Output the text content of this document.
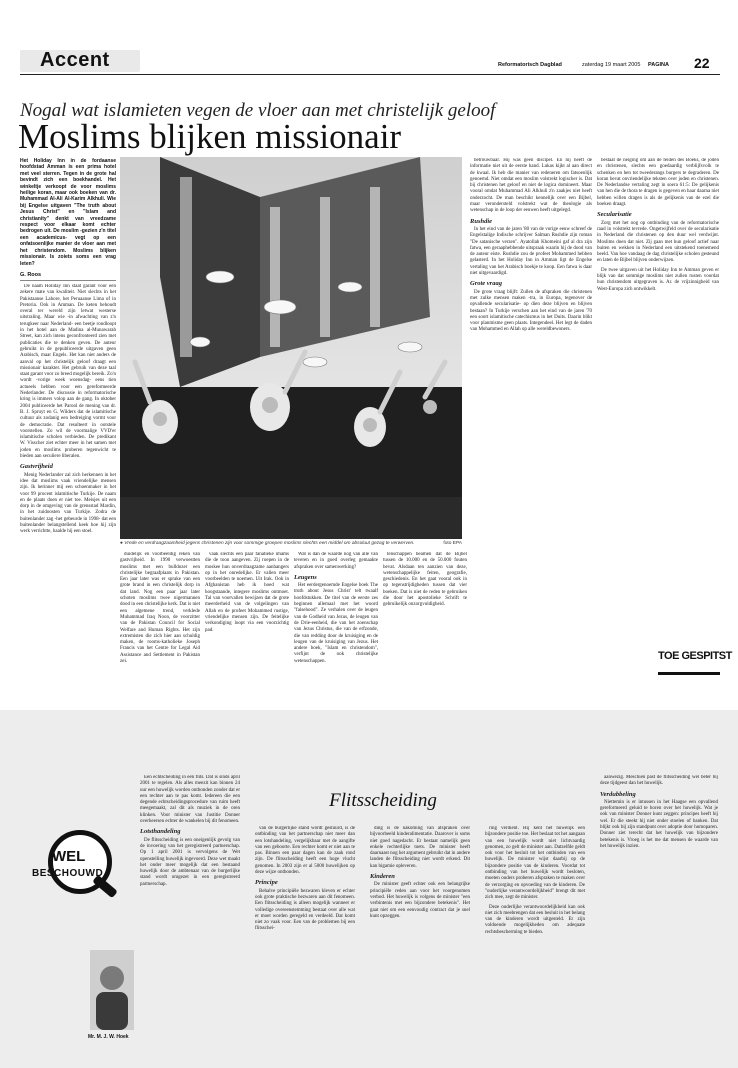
Accent	Reformatorisch Dagblad	zaterdag 19 maart 2005 PAGINA 22
Nogal wat islamieten vegen de vloer aan met christelijk geloof
Moslims blijken missionair
Het Holiday Inn in de fordaanse hoofdstad Amman is een prima hotel met veel sterren. Tegen in de grote hal bevindt zich een boekhandel. Het winkeltje verkoopt de voor moslims heilige koran, maar ook boeken van dr. Muhammad Al-Ali Al-Karim Alkhuli. Wie bij Engelse uitgaven "The truth about Jesus Christ" en "Islam and christianity" denkt van vreedzame respect voor elkaar komt echter bedrogen uit. De moslim -gezien z'n titel een academicus- vegt op een onfatsoenlijke manier de vloer aan met het christendom. Moslims blijken missionair. Is zoiets soms een vrag leten?
G. Roos
● Vrede en verdraagzaamheid jegens christenen zijn voor sommige groepen moslims slechts een middel om absoluut gezag te verwerven.	foto EPA

De naam Holiday Inn staat garant voor een zekere mate van kwaliteit. Niet slechts in het Pakistaanse Lahore, het Peruaanse Lima of in Pretoria. Ook in Amman. De keten behoudt overal ter wereld zijn letwat westerse uitstraling. Maar wie -in afwachting van z'n terugkeer naar Nederland- een beetje rondloopt in het hotel aan de Madina al-Munawarah Street, kan zich intens geconfronteerd zien met publicaties die te denken geven. De auteur gebruikt in de gepubliceerde uitgaven geen Arabisch, maar Engels. Het kan niet anders de aanval op het christelijk geloof draagt een missionair karakter. Het gebruik van deze taal staat garant voor zo breed mogelijk bereik. Zo'n wordt -vorige week woensdag- eens tien actueels hebben voor een gereformeerde Nederlander. De discussie in reformatorische kring is immers volop aan de gang. In oktober 2004 publiceerde het Parool de mening van dr. B. J. Spruyt en G. Wilders dat de islamitische cultuur als zodanig een bedreiging vormt voor de democratie. Dat resulteert in ootstele voorstellen. Zo wil de voormalige VVD'er islamitische scholen verbieden. De predikant W. Visscher ziet echter meer in het samen met joden en moslims proberen tegenwicht te bieden aan seculiere liberalen.

Gastvrijheid

Menig Nederlander zal zich herkennen in het idee dat moslims vaak vriendelijke mensen zijn. Ik herinner mij een schoenmaker in het voor 99 procent islamitische Turkije. De naam en de plaats doen er niet toe. Meisjes uit een dorp in de omgeving van de grensstad Mardin, in het zuidoosten van Turkije. Zodra de buitenlander zag -het gebeurde in 1998- dat een buitenlander belangstellend keek hoe hij zijn werk verrichtte, haalde hij een stoel.

duidelijk en voorbeeldig reken van gastvrijheid. In 1990 verwoestten moslims met een bulldozer een christelijke begraafplaats in Pakistan. Een jaar later was er sprake van een grote brand in een christelijk dorp in dat land. Nog een paar jaar later schoten moslims twee nigermannen dood in een christelijke kerk. Dat is niet een algemene trend, verklede Muhammad Iraq Noon, de voorzitter van de Pakistan Council for Social Welfare and Human Rights. Het zijn extremisten die zich hier aan schuldig maken, de rooms-katholieke Joseph Francis van het Centre for Legal Aid Assistance and Settlement in Pakistan zei.

vaak slechts een paar fanatieke imams die de toon aangeven. Zij roepen in de moskee hun onverdraagzame aanhangers op in het onredelijke. Er vallen meer voorbeelden te noemen. Uit Irak. Ook in Afghanistan heb ik hoed wat hoogstaande, integere moslims ontmoet. Tal van voorvallen bewijzen dat de grote meerderheid van de volgelingen van Allah en de profeet Mohammed rustige, vriendelijke mensen zijn. De feitelijke verkondiging loopt via een voorzichtig pad.

Wat is dan de waarde nog van alle van teveren en in goed overleg gemaakte afspraken over samenwerking?

Leugens

Het eerdergenoemde Engelse boek The truth about Jesus Christ' telt twaalf hoofdstukken. De titel van de eerste zes beginnen allemaal met het woord "falsehood". Ze verhalen over de leugen van de Godheid van Jezus, de leugen van de Drie-eenheid, die van het zoenschap van Jezus Christus, die van de erfzonde, die van redding door de kruisiging en de leugen van de kruisiging van Jezus. Het andere boek, "Islam en christendom", verfijnt de ook christelijke wetenschappen.

tenschappen beamen dat de Bijbel tussen de 10.000 en de 50.000 fouten bevat. Alsdaan ten aanzien van deze, wetenschappelijke feiten, geografie, geschiedenis. En het gaat vooral ook in op tegenstrijdigheden tussen dat vier boeken. Dat is niet de reden te gebruiken die door het apostolieke Schrift te gebruikelijk onzorgvuldigheid.

betrouwbaar. Hij was geen discipel. En hij heeft de informatie niet uit de eerste hand. Lukas kijkt al aan direct de kwaal. Ik heb die manier van redeneren om fatsoenlijk genoemd. Niet omdat een moslim volstrekt logischer is. Dat bij christenen het geloof en niet de logica domineert. Maar vooral omdat Muhammad Ali Alkhuli z'n zaakjes niet heeft onderzocht. De man beschikt kennelijk over een Bijbel, maar verondersteld volstrekt wat de theologie als wetenschap in de loop der eeuwen heeft uitgelegd.

Rushdie

In het eind van de jaren '80 van de vorige eeuw schreef de Engelstalige Indische schrijver Salman Rushdie zijn roman "De satanische verzen". Ayatollah Khomeini gaf al dra zijn fatwa, een geraaphebbende uitspraak waarin hij de dood van de auteur eiste. Rushdie zou de profeet Mohammed hebben gelasterd. In het Holiday Inn in Amman ligt de Engelse vertaling van het Arabisch boekje te koop. Een fatwa is daar niet uitgevaardigd.

Grote vraag

De grote vraag blijft: Zullen de afspraken die christenen met zulke mensen maken -tra, in Europa, tegenover de opvallende secularisatie- op dien deze blijven en blijven bestaan? In Turkije verschen aan het eind van de jaren '70 een soort islamitische catechismus in het Duits. Daarin blikt voor planmisme geen plaats. Integendeel. Het legt de daden van Mohammed en Allah op alle wereldbewoners.

bestaat de neiging om aan de feiden des Boeks, de joden en christenen, slechts een goedaardig verblijfsvolk te schenken en hen tot tweederangs burgers te degraderen. De koran bevat onvriendelijke teksten over joden en christenen. De Nederlandse vertaling zegt in soera 61:5: De gelijkenis van hen die de thora te dragen is gegeven en haar daarna niet hebben willen dragen is als de gelijkenis van de ezel die boeken draagt.

Secularisatie

Zorg met het oog op ontbinding van de reformatorische raad in volstrekt tevrede. Ongetwijfeld over de secularisatie in Nederland die christenen op den duur wel verdwijnt. Moslims doen dat niet. Zij gaan met hun geloof actief naar buiten en wekken in Nederland een uitstekend toenemend beeld. Van hoe vandaag de dag christelijke scholen gesteund en laten de Bijbel blijven onderwijzen.

De twee uitgaven uit het Holiday Inn te Amman geven er blijk van dat sommige moslims niet zullen rusten voordat hun christendom uitgegraven is. Ar. de vrijzinnigheid van West-Europa zich ontwikkelt.

TOE GESPITST
WEL
BESCHOUWD
Mr. M. J. W. Hoek
Flitsscheiding

Een echtscheiding in een flits. Dat is sinds april 2001 te regelen. Als alles meezit kan binnen 24 uur een huwelijk worden ontbonden zonder dat er een rechter aan te pas komt. Iedereen die een degende echtscheidingsprocedure van ruim heeft meegemaakt, zal dit als muziek in de oren klinken. Voor minister van Justitie Donner overheersen echter de wankelen bij dit fenomeen.

Lotsthandeling

De flitsscheiding is een oneigenlijk gevolg van de invoering van het geregistreerd partnerschap. Op 1 april 2001 is vervolgens de Wet openstelling huwelijk ingevoerd. Deze wet maakt het onder meer mogelijk dat een bestaand huwelijk door de ambtenaar van de burgerlijke stand wordt omgezet in een geregistreerd partnerschap.

van de burgerlijke stand wordt gestuurd, is de ontbinding van het partnerschap niet meer dan een lotshandeling, vergelijkbaar met de aangifte van een geboorte. Een rechter komt er niet aan te pas. Binnen een paar dagen kan de zaak rond zijn. De flitsscheiding heeft een hoge vlucht genomen. In 2003 zijn er al 5000 huwelijken op deze wijze ontbonden.

Principe

Behalve principiële bezwaren kleven er echter ook grote praktische bezwaren aan dit fenomeen. Een flitsscheiding is alleen mogelijk wanneer er volledige overeenstemming bestaat over alle wat er moet worden geregeld en verdeeld. Dat komt niet zo vaak voor. Een van de problemen bij een flitsschei-

ding is de nakoming van afspraken over bijvoorbeeld kinderalimentatie. Daarover is soms niet goed nagedacht. Er bestaat namelijk geen enkele rechterlijke toets. De minister heeft daarnaast nog het argument gebruikt dat in andere landen de flitsscheiding niet wordt erkend. Dit kan bigamie opleveren.

Kinderen

De minister geeft echter ook een belangrijke principiële reden aan voor het voorgenomen verbod. Het huwelijk is volgens de minister "een verbintenis met een bijzondere betekenis". Het gaat niet om een eenvoudig contract dat je snel kunt opzeggen.

ring verdient. Hij kent het huwelijk een bijzondere positie toe. Het beslaat tot het aangaan van een huwelijk wordt niet lichtvaardig genomen, zo gelt de minister aan. Datzelfde geldt ook voor het besluit tot het ontbinden van een huwelijk. De minister wijst daarbij op de bijzondere positie van de kinderen. Voordat tot ontbinding van het huwelijk wordt besloten, moeten ouders proberen afspraken te maken over de verzorging en opvoeding van de kinderen. De "ouderlijke verantwoordelijkheid" brengt dit met zich mee, zegt de minister.

Deze ouderlijke verantwoordelijkheid kan ook niet zich meebrengen dat een besluit in het belang van de kinderen wordt uitgesteld. Er zijn voldoende mogelijkheden om adequate rechtsbescherming te bieden.

aanwezig. Meschien past de flitsscheiding wel beter bij deze tijdgeest dan het huwelijk.

Verdubbeling

Niettemin is er intussen in het Haagse een opvallend gereformeerd geluid te horen over het huwelijk. Wat je ook van minister Donner kunt zeggen: principes heeft hij wel. Er die steekt hij niet onder stoelen of banken. Dat blijkt ook bij zijn standpunt over adoptie door homoparen. Donner ziet terecht dat het huwelijk van bijzondere betekenis is. Vroeg is het me dat mensen de waarde van het huwelijk inzien.
